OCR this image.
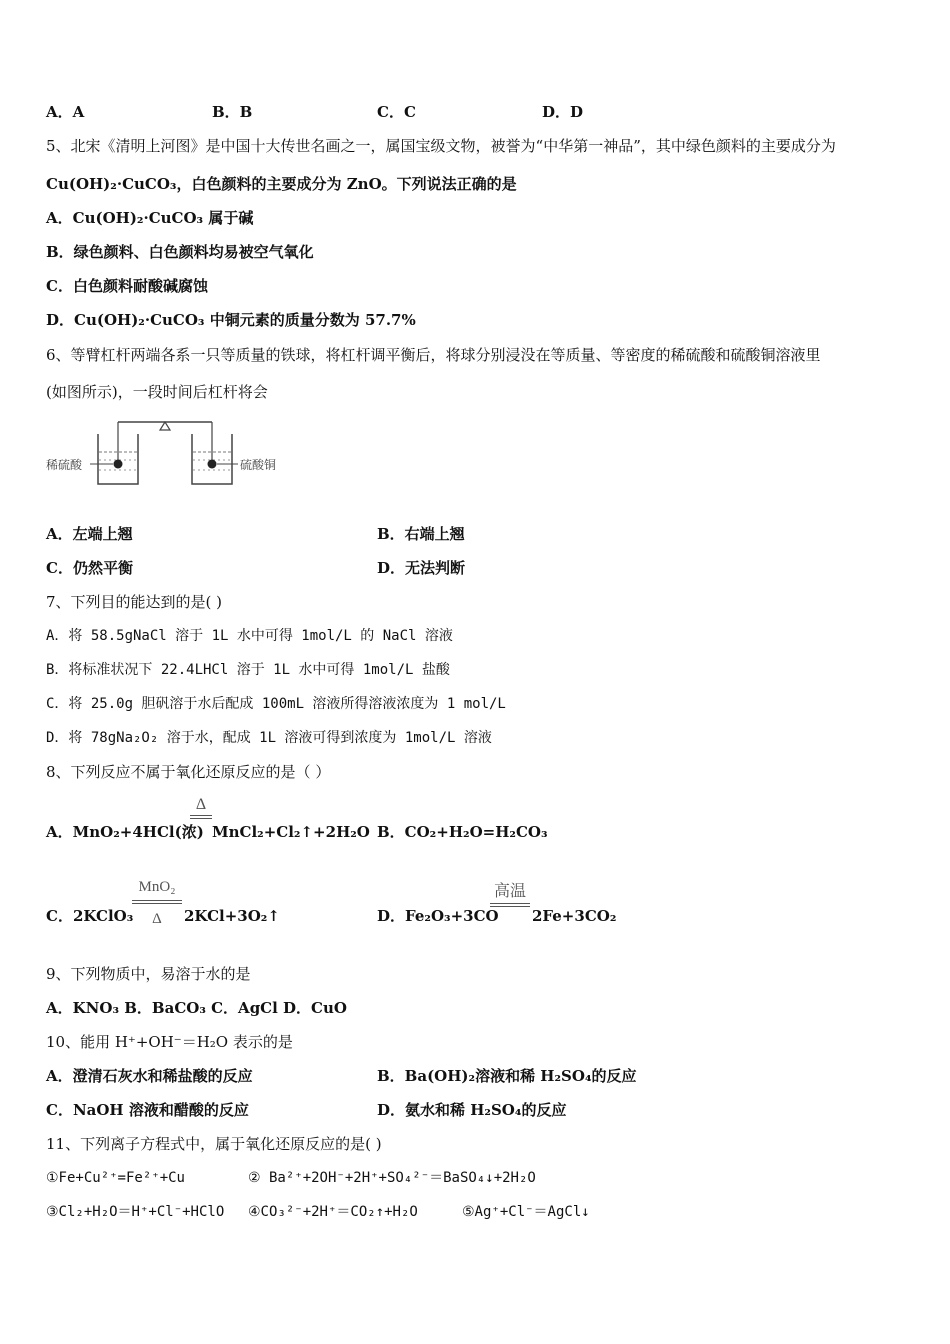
A．A	B．B	C．C	D．D
5、北宋《清明上河图》是中国十大传世名画之一，属国宝级文物，被誉为“中华第一神品”，其中绿色颜料的主要成分为
Cu(OH)₂·CuCO₃，白色颜料的主要成分为 ZnO。下列说法正确的是
A．Cu(OH)₂·CuCO₃ 属于碱
B．绿色颜料、白色颜料均易被空气氧化
C．白色颜料耐酸碱腐蚀
D．Cu(OH)₂·CuCO₃ 中铜元素的质量分数为 57.7%
6、等臂杠杆两端各系一只等质量的铁球，将杠杆调平衡后，将球分别浸没在等质量、等密度的稀硫酸和硫酸铜溶液里
(如图所示)，一段时间后杠杆将会
稀硫酸	硫酸铜
A．左端上翘	B．右端上翘
C．仍然平衡	D．无法判断
7、下列目的能达到的是( )
A．将 58.5gNaCl 溶于 1L 水中可得 1mol/L 的 NaCl 溶液
B．将标准状况下 22.4LHCl 溶于 1L 水中可得 1mol/L 盐酸
C．将 25.0g 胆矾溶于水后配成 100mL 溶液所得溶液浓度为 1 mol/L
D．将 78gNa₂O₂ 溶于水，配成 1L 溶液可得到浓度为 1mol/L 溶液
8、下列反应不属于氧化还原反应的是（ ）
A．MnO₂+4HCl(浓)
Δ
MnCl₂+Cl₂↑+2H₂O B．CO₂+H₂O=H₂CO₃
C．2KClO₃
MnO₂
Δ	2KCl+3O₂↑	D．Fe₂O₃+3CO
高温
2Fe+3CO₂
9、下列物质中，易溶于水的是
A．KNO₃ B．BaCO₃ C．AgCl D．CuO
10、能用 H⁺+OH⁻＝H₂O 表示的是
A．澄清石灰水和稀盐酸的反应	B．Ba(OH)₂溶液和稀 H₂SO₄的反应
C．NaOH 溶液和醋酸的反应	D．氨水和稀 H₂SO₄的反应
11、下列离子方程式中，属于氧化还原反应的是( )
①Fe+Cu²⁺=Fe²⁺+Cu	② Ba²⁺+2OH⁻+2H⁺+SO₄²⁻＝BaSO₄↓+2H₂O
③Cl₂+H₂O＝H⁺+Cl⁻+HClO ④CO₃²⁻+2H⁺＝CO₂↑+H₂O	⑤Ag⁺+Cl⁻＝AgCl↓
